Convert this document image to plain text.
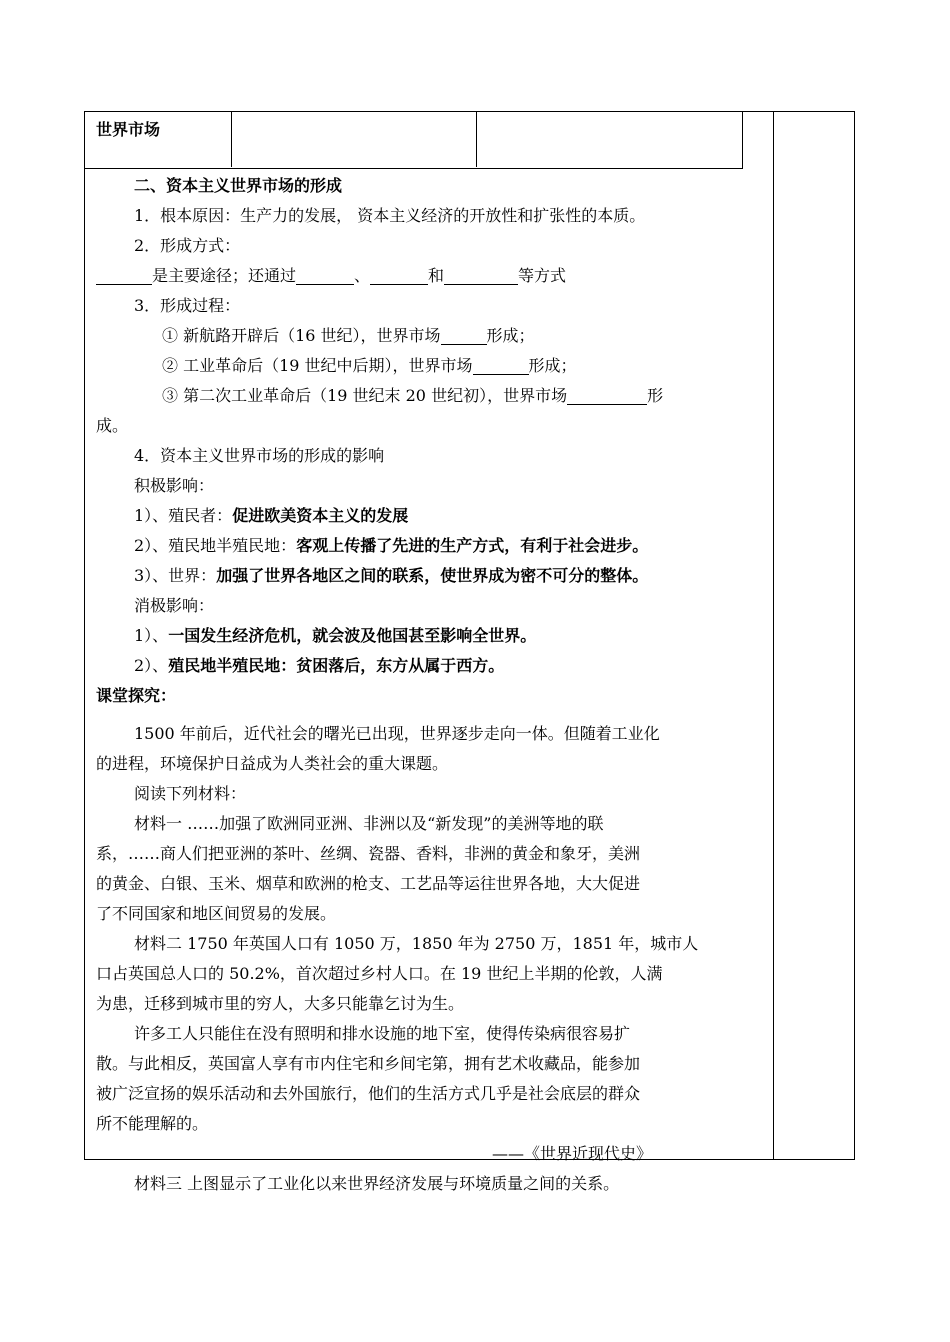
世界市场
二、资本主义世界市场的形成
1．根本原因：生产力的发展， 资本主义经济的开放性和扩张性的本质。
2．形成方式：
是主要途径；还通过	、	和	等方式
3．形成过程：
① 新航路开辟后（16 世纪），世界市场	形成；
② 工业革命后（19 世纪中后期），世界市场	形成；
③ 第二次工业革命后（19 世纪末 20 世纪初），世界市场	形
成。
4．资本主义世界市场的形成的影响
积极影响：
1）、殖民者：促进欧美资本主义的发展
2）、殖民地半殖民地：客观上传播了先进的生产方式，有利于社会进步。
3）、世界：加强了世界各地区之间的联系，使世界成为密不可分的整体。
消极影响：
1）、一国发生经济危机，就会波及他国甚至影响全世界。
2）、殖民地半殖民地：贫困落后，东方从属于西方。
课堂探究：
1500 年前后，近代社会的曙光已出现，世界逐步走向一体。但随着工业化
的进程，环境保护日益成为人类社会的重大课题。
阅读下列材料：
材料一 ……加强了欧洲同亚洲、非洲以及“新发现”的美洲等地的联
系，……商人们把亚洲的茶叶、丝绸、瓷器、香料，非洲的黄金和象牙，美洲
的黄金、白银、玉米、烟草和欧洲的枪支、工艺品等运往世界各地，大大促进
了不同国家和地区间贸易的发展。
材料二 1750 年英国人口有 1050 万，1850 年为 2750 万，1851 年，城市人
口占英国总人口的 50.2%，首次超过乡村人口。在 19 世纪上半期的伦敦，人满
为患，迁移到城市里的穷人，大多只能靠乞讨为生。
许多工人只能住在没有照明和排水设施的地下室，使得传染病很容易扩
散。与此相反，英国富人享有市内住宅和乡间宅第，拥有艺术收藏品，能参加
被广泛宣扬的娱乐活动和去外国旅行，他们的生活方式几乎是社会底层的群众
所不能理解的。
——《世界近现代史》
材料三 上图显示了工业化以来世界经济发展与环境质量之间的关系。
